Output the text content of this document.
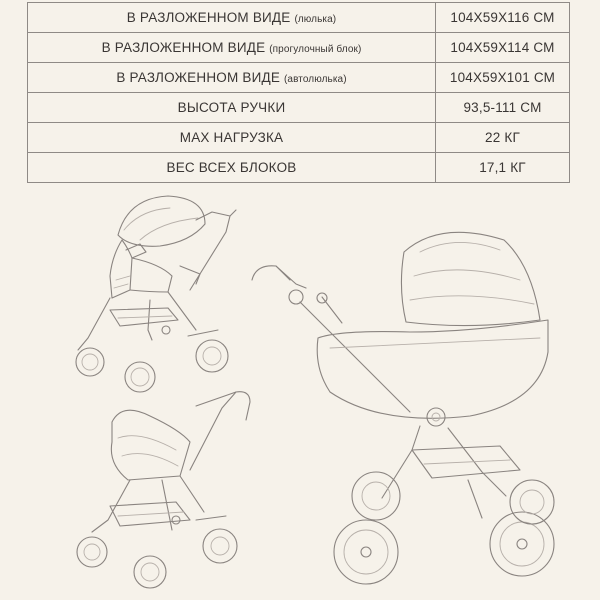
В РАЗЛОЖЕННОМ ВИДЕ (люлька)	104Х59Х116 СМ
В РАЗЛОЖЕННОМ ВИДЕ (прогулочный блок)	104Х59Х114 СМ
В РАЗЛОЖЕННОМ ВИДЕ (автолюлька)	104Х59Х101 СМ
ВЫСОТА РУЧКИ	93,5-111 СМ
МАХ НАГРУЗКА	22 КГ
ВЕС ВСЕХ БЛОКОВ	17,1 КГ
